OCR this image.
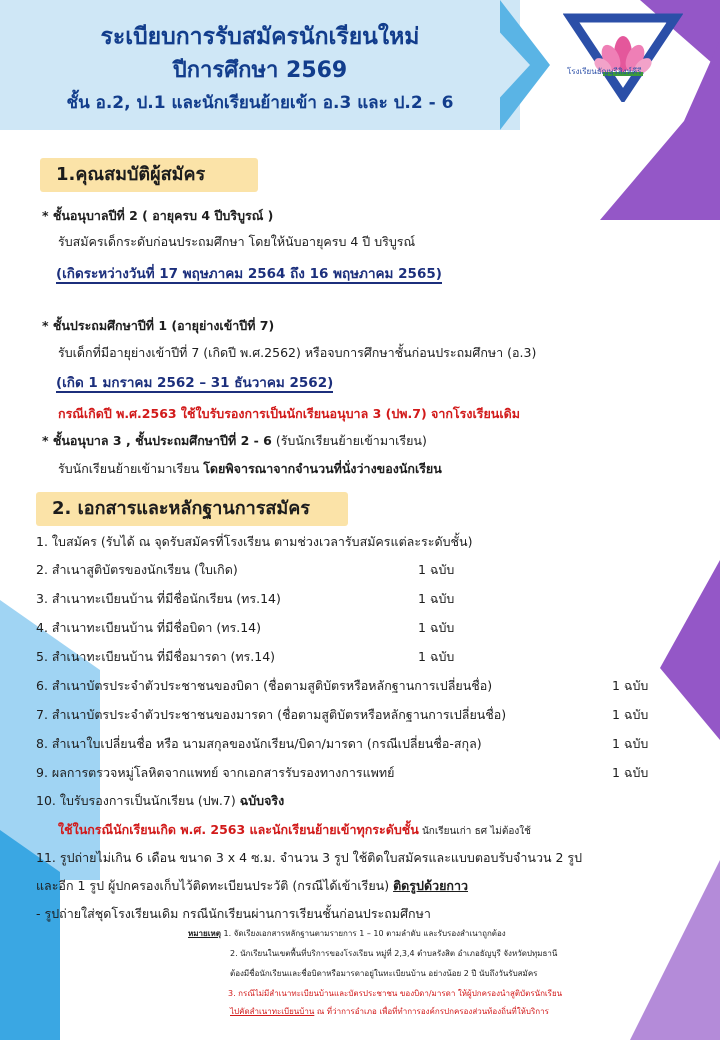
ระเบียบการรับสมัครนักเรียนใหม่
ปีการศึกษา 2569
ชั้น อ.2, ป.1 และนักเรียนย้ายเข้า อ.3 และ ป.2 - 6
โรงเรียนธัญบุรีสิงห์คีรี
1.คุณสมบัติผู้สมัคร
* ชั้นอนุบาลปีที่ 2 ( อายุครบ 4 ปีบริบูรณ์ )
รับสมัครเด็กระดับก่อนประถมศึกษา โดยให้นับอายุครบ 4 ปี บริบูรณ์
(เกิดระหว่างวันที่ 17 พฤษภาคม 2564 ถึง 16 พฤษภาคม 2565)
* ชั้นประถมศึกษาปีที่ 1 (อายุย่างเข้าปีที่ 7)
รับเด็กที่มีอายุย่างเข้าปีที่ 7 (เกิดปี พ.ศ.2562) หรือจบการศึกษาชั้นก่อนประถมศึกษา (อ.3)
(เกิด 1 มกราคม 2562 – 31 ธันวาคม 2562)
กรณีเกิดปี พ.ศ.2563 ใช้ใบรับรองการเป็นนักเรียนอนุบาล 3 (ปพ.7) จากโรงเรียนเดิม
* ชั้นอนุบาล 3 , ชั้นประถมศึกษาปีที่ 2 - 6 (รับนักเรียนย้ายเข้ามาเรียน)
รับนักเรียนย้ายเข้ามาเรียน โดยพิจารณาจากจำนวนที่นั่งว่างของนักเรียน
2. เอกสารและหลักฐานการสมัคร
1. ใบสมัคร (รับได้ ณ จุดรับสมัครที่โรงเรียน ตามช่วงเวลารับสมัครแต่ละระดับชั้น)
2. สำเนาสูติบัตรของนักเรียน (ใบเกิด)	1 ฉบับ
3. สำเนาทะเบียนบ้าน ที่มีชื่อนักเรียน (ทร.14)	1 ฉบับ
4. สำเนาทะเบียนบ้าน ที่มีชื่อบิดา (ทร.14)	1 ฉบับ
5. สำเนาทะเบียนบ้าน ที่มีชื่อมารดา (ทร.14)	1 ฉบับ
6. สำเนาบัตรประจำตัวประชาชนของบิดา (ชื่อตามสูติบัตรหรือหลักฐานการเปลี่ยนชื่อ)	1 ฉบับ
7. สำเนาบัตรประจำตัวประชาชนของมารดา (ชื่อตามสูติบัตรหรือหลักฐานการเปลี่ยนชื่อ)	1 ฉบับ
8. สำเนาใบเปลี่ยนชื่อ หรือ นามสกุลของนักเรียน/บิดา/มารดา (กรณีเปลี่ยนชื่อ-สกุล)	1 ฉบับ
9. ผลการตรวจหมู่โลหิตจากแพทย์ จากเอกสารรับรองทางการแพทย์	1 ฉบับ
10. ใบรับรองการเป็นนักเรียน (ปพ.7) ฉบับจริง
ใช้ในกรณีนักเรียนเกิด พ.ศ. 2563 และนักเรียนย้ายเข้าทุกระดับชั้น นักเรียนเก่า ธศ ไม่ต้องใช้
11. รูปถ่ายไม่เกิน 6 เดือน ขนาด 3 x 4 ซ.ม. จำนวน 3 รูป ใช้ติดใบสมัครและแบบตอบรับจำนวน 2 รูป
และอีก 1 รูป ผู้ปกครองเก็บไว้ติดทะเบียนประวัติ (กรณีได้เข้าเรียน) ติดรูปด้วยกาว
- รูปถ่ายใส่ชุดโรงเรียนเดิม กรณีนักเรียนผ่านการเรียนชั้นก่อนประถมศึกษา
หมายเหตุ 1. จัดเรียงเอกสารหลักฐานตามรายการ 1 – 10 ตามลำดับ และรับรองสำเนาถูกต้อง
2. นักเรียนในเขตพื้นที่บริการของโรงเรียน หมู่ที่ 2,3,4 ตำบลรังสิต อำเภอธัญบุรี จังหวัดปทุมธานี
ต้องมีชื่อนักเรียนและชื่อบิดาหรือมารดาอยู่ในทะเบียนบ้าน อย่างน้อย 2 ปี นับถึงวันรับสมัคร
3. กรณีไม่มีสำเนาทะเบียนบ้านและบัตรประชาชน ของบิดา/มารดา ให้ผู้ปกครองนำสูติบัตรนักเรียน
ไปคัดสำเนาทะเบียนบ้าน ณ ที่ว่าการอำเภอ เพื่อที่ทำการองค์กรปกครองส่วนท้องถิ่นที่ให้บริการ
